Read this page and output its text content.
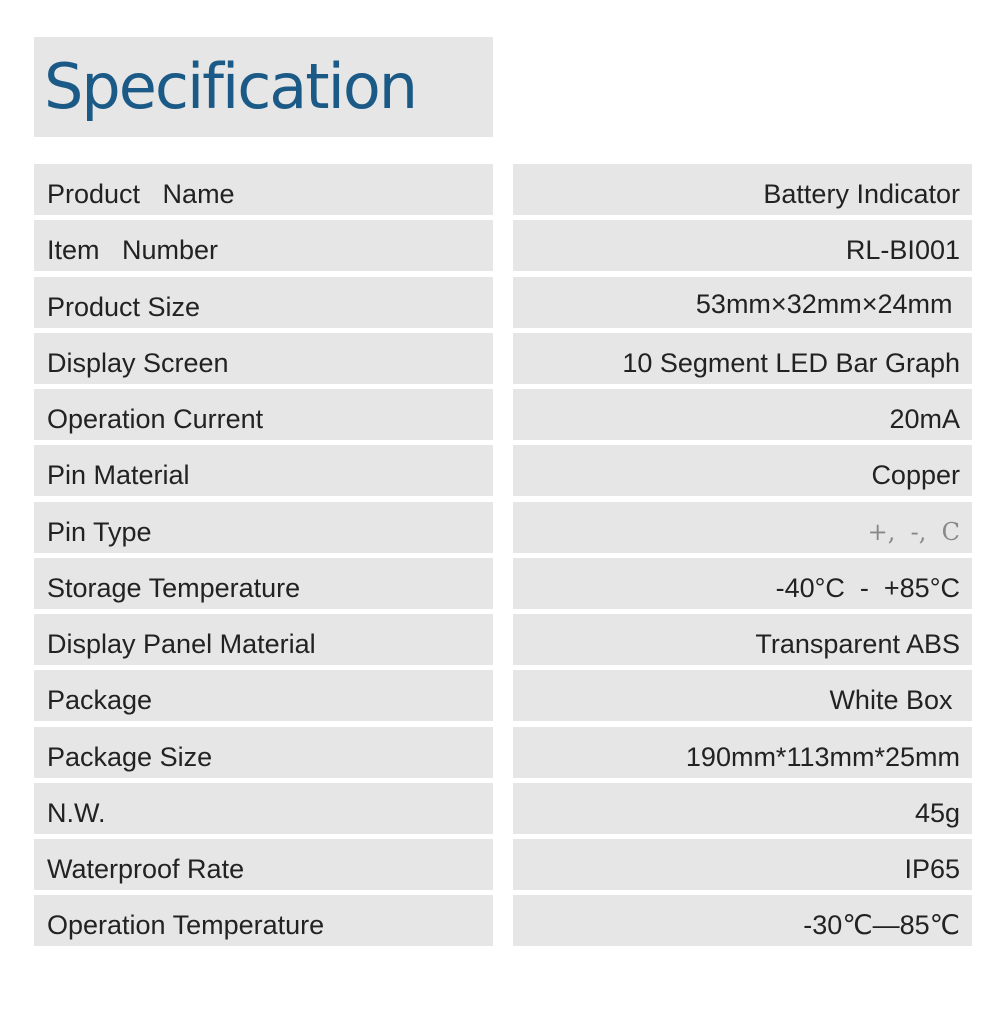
Specification
Product   Name	Battery Indicator
Item   Number	RL-BI001
Product Size	53mm×32mm×24mm
Display Screen	10 Segment LED Bar Graph
Operation Current	20mA
Pin Material	Copper
Pin Type	+,  -,  C
Storage Temperature	-40°C  -  +85°C
Display Panel Material	Transparent ABS
Package	White Box
Package Size	190mm*113mm*25mm
N.W.	45g
Waterproof Rate	IP65
Operation Temperature	-30℃—85℃
